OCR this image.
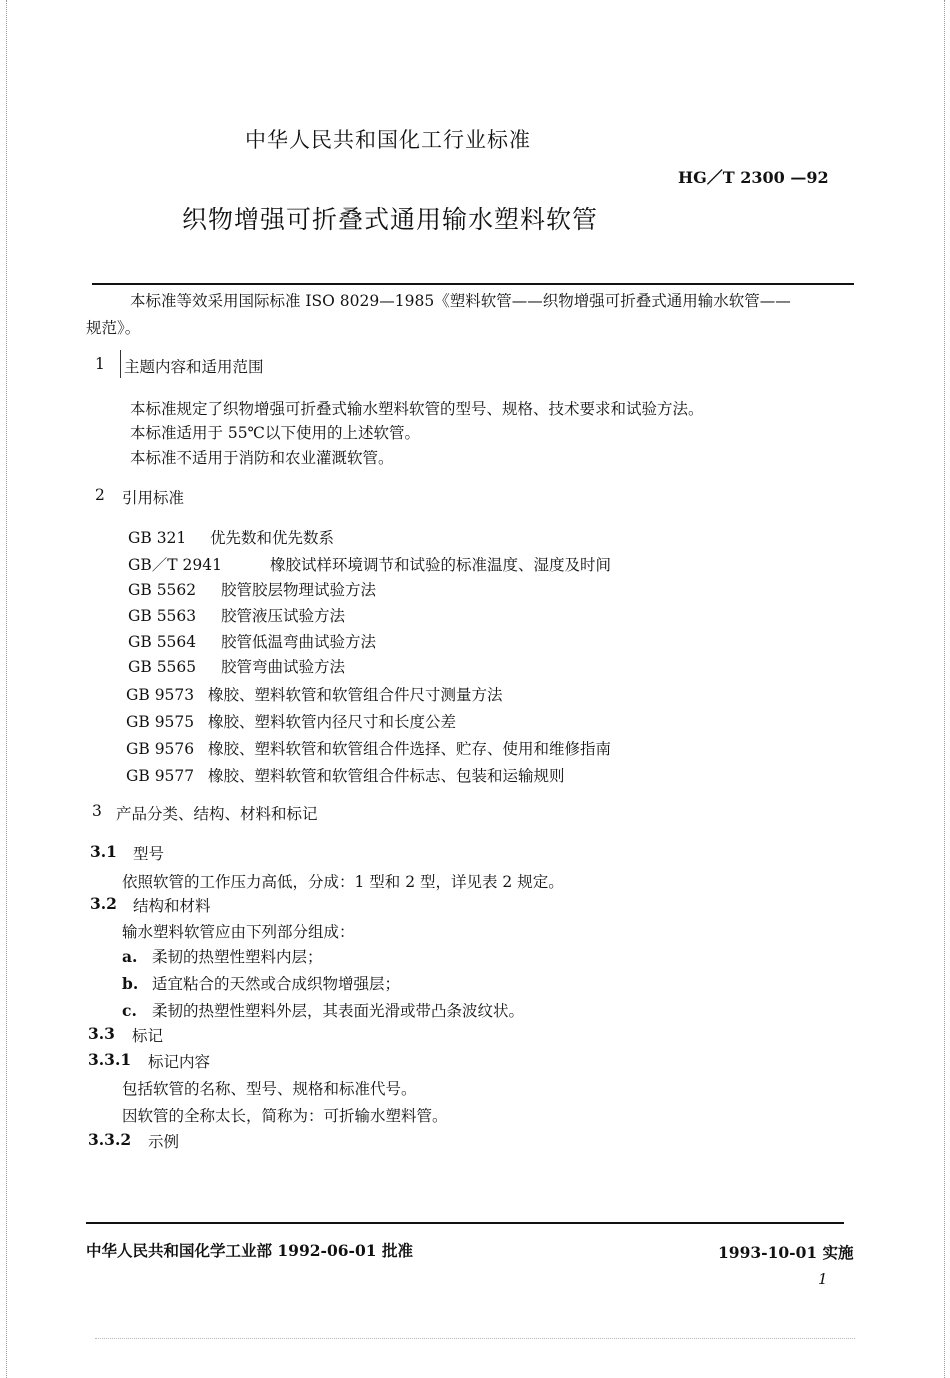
中华人民共和国化工行业标准
HG／T 2300 —92
织物增强可折叠式通用输水塑料软管
本标准等效采用国际标准 ISO 8029—1985《塑料软管——织物增强可折叠式通用输水软管——
规范》。
1 主题内容和适用范围
本标准规定了织物增强可折叠式输水塑料软管的型号、规格、技术要求和试验方法。
本标准适用于 55℃以下使用的上述软管。
本标准不适用于消防和农业灌溉软管。
2 引用标准
GB 321 优先数和优先数系
GB／T 2941	橡胶试样环境调节和试验的标准温度、湿度及时间
GB 5562 胶管胶层物理试验方法
GB 5563 胶管液压试验方法
GB 5564 胶管低温弯曲试验方法
GB 5565 胶管弯曲试验方法
GB 9573 橡胶、塑料软管和软管组合件尺寸测量方法
GB 9575 橡胶、塑料软管内径尺寸和长度公差
GB 9576 橡胶、塑料软管和软管组合件选择、贮存、使用和维修指南
GB 9577 橡胶、塑料软管和软管组合件标志、包装和运输规则
3 产品分类、结构、材料和标记
3.1 型号
依照软管的工作压力高低，分成：1 型和 2 型，详见表 2 规定。
3.2 结构和材料
输水塑料软管应由下列部分组成：
a. 柔韧的热塑性塑料内层；
b. 适宜粘合的天然或合成织物增强层；
c. 柔韧的热塑性塑料外层，其表面光滑或带凸条波纹状。
3.3 标记
3.3.1 标记内容
包括软管的名称、型号、规格和标准代号。
因软管的全称太长，简称为：可折输水塑料管。
3.3.2 示例
中华人民共和国化学工业部 1992-06-01 批准	1993-10-01 实施
1
